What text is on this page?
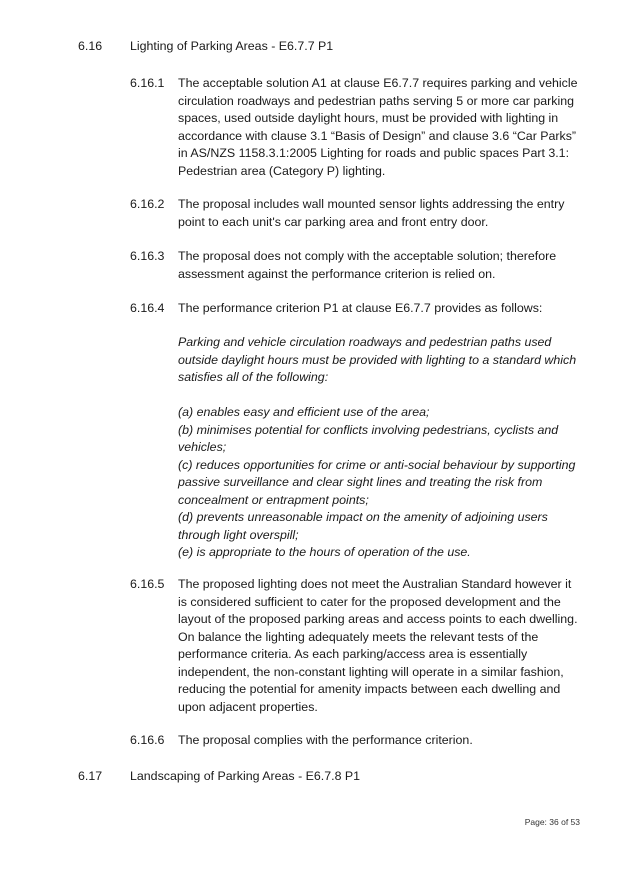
6.16 Lighting of Parking Areas - E6.7.7 P1
6.16.1 The acceptable solution A1 at clause E6.7.7 requires parking and vehicle circulation roadways and pedestrian paths serving 5 or more car parking spaces, used outside daylight hours, must be provided with lighting in accordance with clause 3.1 “Basis of Design” and clause 3.6 “Car Parks” in AS/NZS 1158.3.1:2005 Lighting for roads and public spaces Part 3.1: Pedestrian area (Category P) lighting.

6.16.2 The proposal includes wall mounted sensor lights addressing the entry point to each unit's car parking area and front entry door.

6.16.3 The proposal does not comply with the acceptable solution; therefore assessment against the performance criterion is relied on.

6.16.4 The performance criterion P1 at clause E6.7.7 provides as follows:

Parking and vehicle circulation roadways and pedestrian paths used outside daylight hours must be provided with lighting to a standard which satisfies all of the following:

(a) enables easy and efficient use of the area;

(b) minimises potential for conflicts involving pedestrians, cyclists and vehicles;

(c) reduces opportunities for crime or anti-social behaviour by supporting passive surveillance and clear sight lines and treating the risk from concealment or entrapment points;

(d) prevents unreasonable impact on the amenity of adjoining users through light overspill;

(e) is appropriate to the hours of operation of the use.

6.16.5 The proposed lighting does not meet the Australian Standard however it is considered sufficient to cater for the proposed development and the layout of the proposed parking areas and access points to each dwelling. On balance the lighting adequately meets the relevant tests of the performance criteria. As each parking/access area is essentially independent, the non-constant lighting will operate in a similar fashion, reducing the potential for amenity impacts between each dwelling and upon adjacent properties.

6.16.6 The proposal complies with the performance criterion.

6.17 Landscaping of Parking Areas - E6.7.8 P1
Page: 36 of 53
